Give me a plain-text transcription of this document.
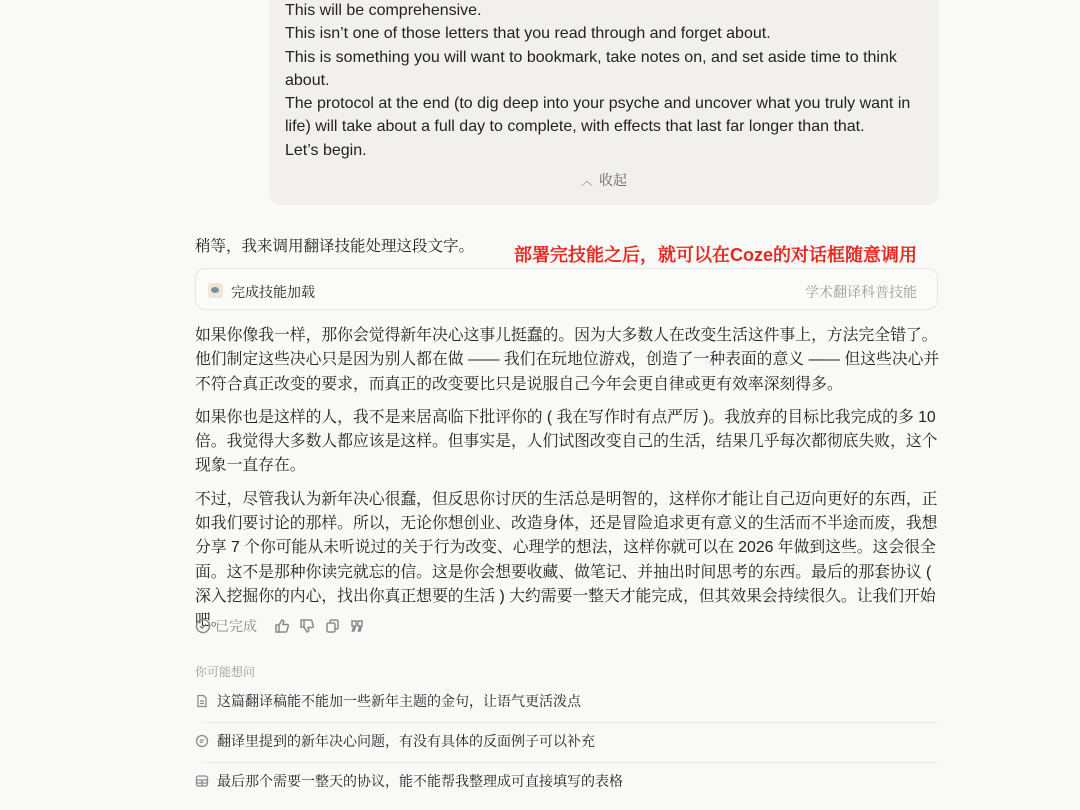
This will be comprehensive.
This isn’t one of those letters that you read through and forget about.
This is something you will want to bookmark, take notes on, and set aside time to think
about.
The protocol at the end (to dig deep into your psyche and uncover what you truly want in
life) will take about a full day to complete, with effects that last far longer than that.
Let’s begin.
︿ 收起
稍等，我来调用翻译技能处理这段文字。 部署完技能之后，就可以在Coze的对话框随意调用
完成技能加载	学术翻译科普技能

如果你像我一样，那你会觉得新年决心这事儿挺蠢的。因为大多数人在改变生活这件事上，方法完全错了。他们制定这些决心只是因为别人都在做 —— 我们在玩地位游戏，创造了一种表面的意义 —— 但这些决心并不符合真正改变的要求，而真正的改变要比只是说服自己今年会更自律或更有效率深刻得多。

如果你也是这样的人，我不是来居高临下批评你的 ( 我在写作时有点严厉 )。我放弃的目标比我完成的多 10 倍。我觉得大多数人都应该是这样。但事实是，人们试图改变自己的生活，结果几乎每次都彻底失败，这个现象一直存在。

不过，尽管我认为新年决心很蠢，但反思你讨厌的生活总是明智的，这样你才能让自己迈向更好的东西，正如我们要讨论的那样。所以，无论你想创业、改造身体，还是冒险追求更有意义的生活而不半途而废，我想分享 7 个你可能从未听说过的关于行为改变、心理学的想法，这样你就可以在 2026 年做到这些。这会很全面。这不是那种你读完就忘的信。这是你会想要收藏、做笔记、并抽出时间思考的东西。最后的那套协议 ( 深入挖掘你的内心，找出你真正想要的生活 ) 大约需要一整天才能完成，但其效果会持续很久。让我们开始吧。

已完成
你可能想问
这篇翻译稿能不能加一些新年主题的金句，让语气更活泼点
翻译里提到的新年决心问题，有没有具体的反面例子可以补充
最后那个需要一整天的协议，能不能帮我整理成可直接填写的表格
